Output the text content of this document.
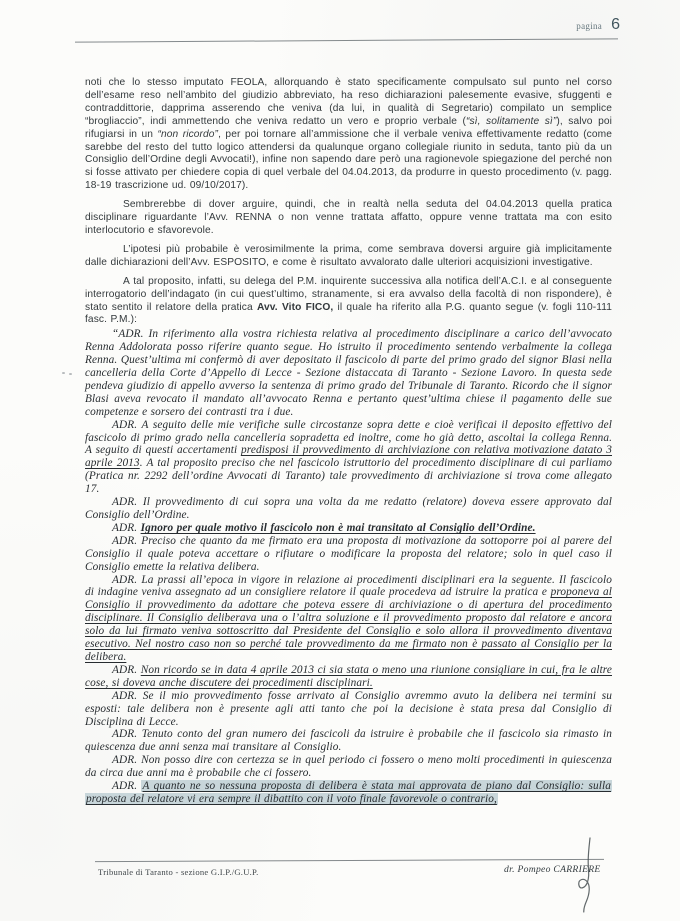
pagina 6

noti che lo stesso imputato FEOLA, allorquando è stato specificamente compulsato sul punto nel corso dell’esame reso nell’ambito del giudizio abbreviato, ha reso dichiarazioni palesemente evasive, sfuggenti e contraddittorie, dapprima asserendo che veniva (da lui, in qualità di Segretario) compilato un semplice “brogliaccio”, indi ammettendo che veniva redatto un vero e proprio verbale (“sì, solitamente sì”), salvo poi rifugiarsi in un “non ricordo”, per poi tornare all’ammissione che il verbale veniva effettivamente redatto (come sarebbe del resto del tutto logico attendersi da qualunque organo collegiale riunito in seduta, tanto più da un Consiglio dell’Ordine degli Avvocati!), infine non sapendo dare però una ragionevole spiegazione del perché non si fosse attivato per chiedere copia di quel verbale del 04.04.2013, da produrre in questo procedimento (v. pagg. 18-19 trascrizione ud. 09/10/2017).

Sembrerebbe di dover arguire, quindi, che in realtà nella seduta del 04.04.2013 quella pratica disciplinare riguardante l’Avv. RENNA o non venne trattata affatto, oppure venne trattata ma con esito interlocutorio e sfavorevole.

L’ipotesi più probabile è verosimilmente la prima, come sembrava doversi arguire già implicitamente dalle dichiarazioni dell’Avv. ESPOSITO, e come è risultato avvalorato dalle ulteriori acquisizioni investigative.

A tal proposito, infatti, su delega del P.M. inquirente successiva alla notifica dell’A.C.I. e al conseguente interrogatorio dell’indagato (in cui quest’ultimo, stranamente, si era avvalso della facoltà di non rispondere), è stato sentito il relatore della pratica Avv. Vito FICO, il quale ha riferito alla P.G. quanto segue (v. fogli 110-111 fasc. P.M.):

“ADR. In riferimento alla vostra richiesta relativa al procedimento disciplinare a carico dell’avvocato Renna Addolorata posso riferire quanto segue. Ho istruito il procedimento sentendo verbalmente la collega Renna. Quest’ultima mi confermò di aver depositato il fascicolo di parte del primo grado del signor Blasi nella cancelleria della Corte d’Appello di Lecce - Sezione distaccata di Taranto - Sezione Lavoro. In questa sede pendeva giudizio di appello avverso la sentenza di primo grado del Tribunale di Taranto. Ricordo che il signor Blasi aveva revocato il mandato all’avvocato Renna e pertanto quest’ultima chiese il pagamento delle sue competenze e sorsero dei contrasti tra i due.

ADR. A seguito delle mie verifiche sulle circostanze sopra dette e cioè verificai il deposito effettivo del fascicolo di primo grado nella cancelleria sopradetta ed inoltre, come ho già detto, ascoltai la collega Renna. A seguito di questi accertamenti predisposi il provvedimento di archiviazione con relativa motivazione datato 3 aprile 2013. A tal proposito preciso che nel fascicolo istruttorio del procedimento disciplinare di cui parliamo (Pratica nr. 2292 dell’ordine Avvocati di Taranto) tale provvedimento di archiviazione si trova come allegato 17.

ADR. Il provvedimento di cui sopra una volta da me redatto (relatore) doveva essere approvato dal Consiglio dell’Ordine.

ADR. Ignoro per quale motivo il fascicolo non è mai transitato al Consiglio dell’Ordine.

ADR. Preciso che quanto da me firmato era una proposta di motivazione da sottoporre poi al parere del Consiglio il quale poteva accettare o rifiutare o modificare la proposta del relatore; solo in quel caso il Consiglio emette la relativa delibera.

ADR. La prassi all’epoca in vigore in relazione ai procedimenti disciplinari era la seguente. Il fascicolo di indagine veniva assegnato ad un consigliere relatore il quale procedeva ad istruire la pratica e proponeva al Consiglio il provvedimento da adottare che poteva essere di archiviazione o di apertura del procedimento disciplinare. Il Consiglio deliberava una o l’altra soluzione e il provvedimento proposto dal relatore e ancora solo da lui firmato veniva sottoscritto dal Presidente del Consiglio e solo allora il provvedimento diventava esecutivo. Nel nostro caso non so perché tale provvedimento da me firmato non è passato al Consiglio per la delibera.

ADR. Non ricordo se in data 4 aprile 2013 ci sia stata o meno una riunione consigliare in cui, fra le altre cose, si doveva anche discutere dei procedimenti disciplinari.

ADR. Se il mio provvedimento fosse arrivato al Consiglio avremmo avuto la delibera nei termini su esposti: tale delibera non è presente agli atti tanto che poi la decisione è stata presa dal Consiglio di Disciplina di Lecce.

ADR. Tenuto conto del gran numero dei fascicoli da istruire è probabile che il fascicolo sia rimasto in quiescenza due anni senza mai transitare al Consiglio.

ADR. Non posso dire con certezza se in quel periodo ci fossero o meno molti procedimenti in quiescenza da circa due anni ma è probabile che ci fossero.

ADR. A quanto ne so nessuna proposta di delibera è stata mai approvata de piano dal Consiglio: sulla proposta del relatore vi era sempre il dibattito con il voto finale favorevole o contrario,

Tribunale di Taranto - sezione G.I.P./G.U.P.	dr. Pompeo CARRIERE
